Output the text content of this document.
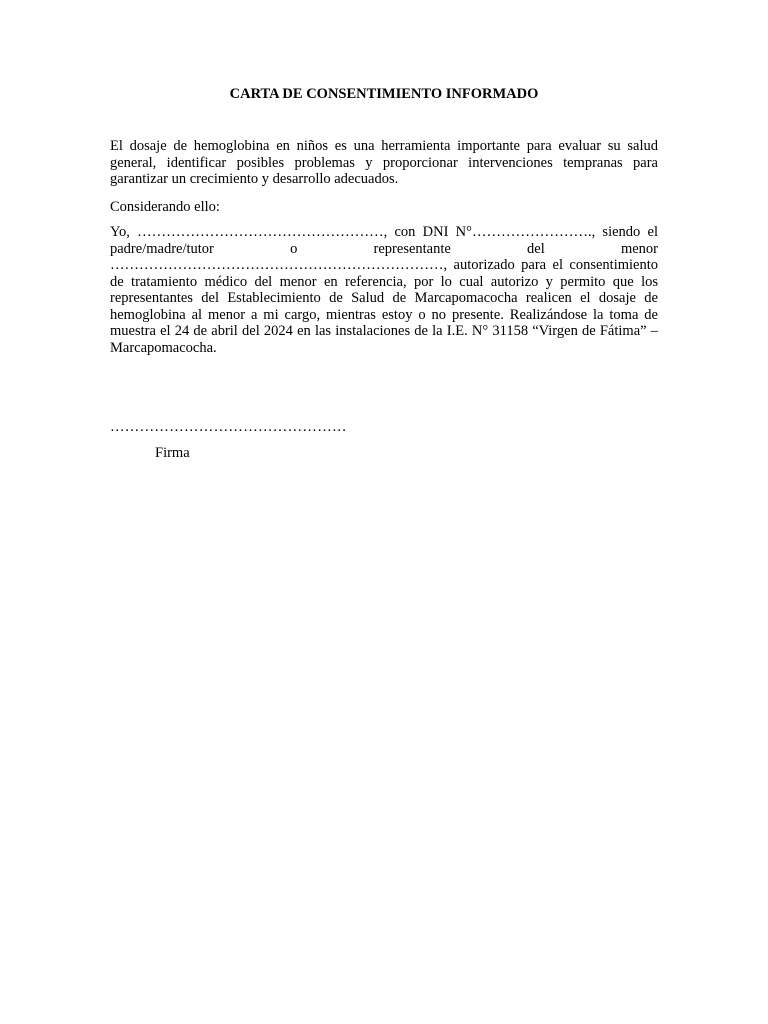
CARTA DE CONSENTIMIENTO INFORMADO

El dosaje de hemoglobina en niños es una herramienta importante para evaluar su salud general, identificar posibles problemas y proporcionar intervenciones tempranas para garantizar un crecimiento y desarrollo adecuados.

Considerando ello:

Yo, ……………………………………………, con DNI N°……………………., siendo el padre/madre/tutor o representante del menor ……………………………………………………………, autorizado para el consentimiento de tratamiento médico del menor en referencia, por lo cual autorizo y permito que los representantes del Establecimiento de Salud de Marcapomacocha realicen el dosaje de hemoglobina al menor a mi cargo, mientras estoy o no presente. Realizándose la toma de muestra el 24 de abril del 2024 en las instalaciones de la I.E. N° 31158 “Virgen de Fátima” – Marcapomacocha.

…………………………………………
Firma
